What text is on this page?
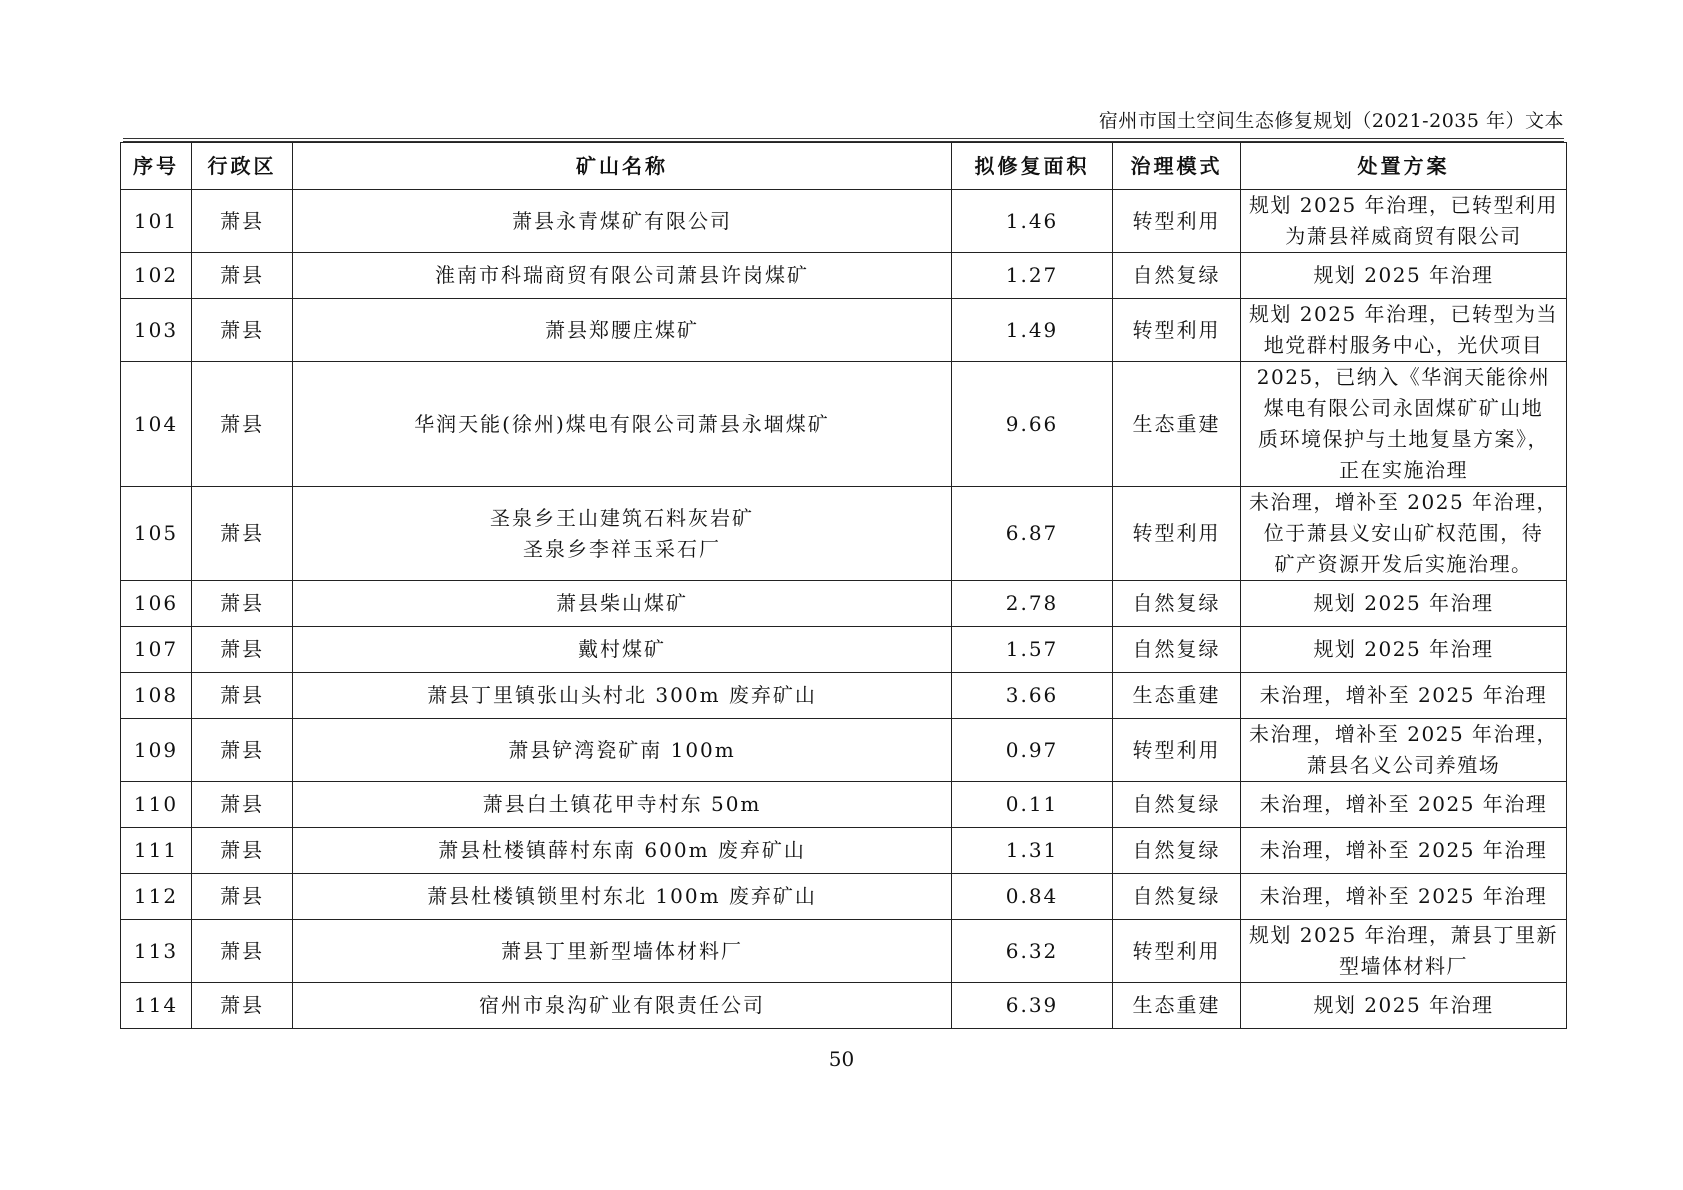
宿州市国土空间生态修复规划（2021-2035 年）文本
序号	行政区	矿山名称	拟修复面积	治理模式	处置方案
101	萧县	萧县永青煤矿有限公司	1.46	转型利用	规划 2025 年治理，已转型利用
为萧县祥威商贸有限公司
102	萧县	淮南市科瑞商贸有限公司萧县许岗煤矿	1.27	自然复绿	规划 2025 年治理
103	萧县	萧县郑腰庄煤矿	1.49	转型利用	规划 2025 年治理，已转型为当
地党群村服务中心，光伏项目
104	萧县	华润天能(徐州)煤电有限公司萧县永堌煤矿	9.66	生态重建	2025，已纳入《华润天能徐州
煤电有限公司永固煤矿矿山地
质环境保护与土地复垦方案》，
正在实施治理
105	萧县	圣泉乡王山建筑石料灰岩矿
圣泉乡李祥玉采石厂	6.87	转型利用	未治理，增补至 2025 年治理，
位于萧县义安山矿权范围，待
矿产资源开发后实施治理。
106	萧县	萧县柴山煤矿	2.78	自然复绿	规划 2025 年治理
107	萧县	戴村煤矿	1.57	自然复绿	规划 2025 年治理
108	萧县	萧县丁里镇张山头村北 300m 废弃矿山	3.66	生态重建	未治理，增补至 2025 年治理
109	萧县	萧县铲湾瓷矿南 100m	0.97	转型利用	未治理，增补至 2025 年治理，
萧县名义公司养殖场
110	萧县	萧县白土镇花甲寺村东 50m	0.11	自然复绿	未治理，增补至 2025 年治理
111	萧县	萧县杜楼镇薛村东南 600m 废弃矿山	1.31	自然复绿	未治理，增补至 2025 年治理
112	萧县	萧县杜楼镇锁里村东北 100m 废弃矿山	0.84	自然复绿	未治理，增补至 2025 年治理
113	萧县	萧县丁里新型墙体材料厂	6.32	转型利用	规划 2025 年治理，萧县丁里新
型墙体材料厂
114	萧县	宿州市泉沟矿业有限责任公司	6.39	生态重建	规划 2025 年治理
50
